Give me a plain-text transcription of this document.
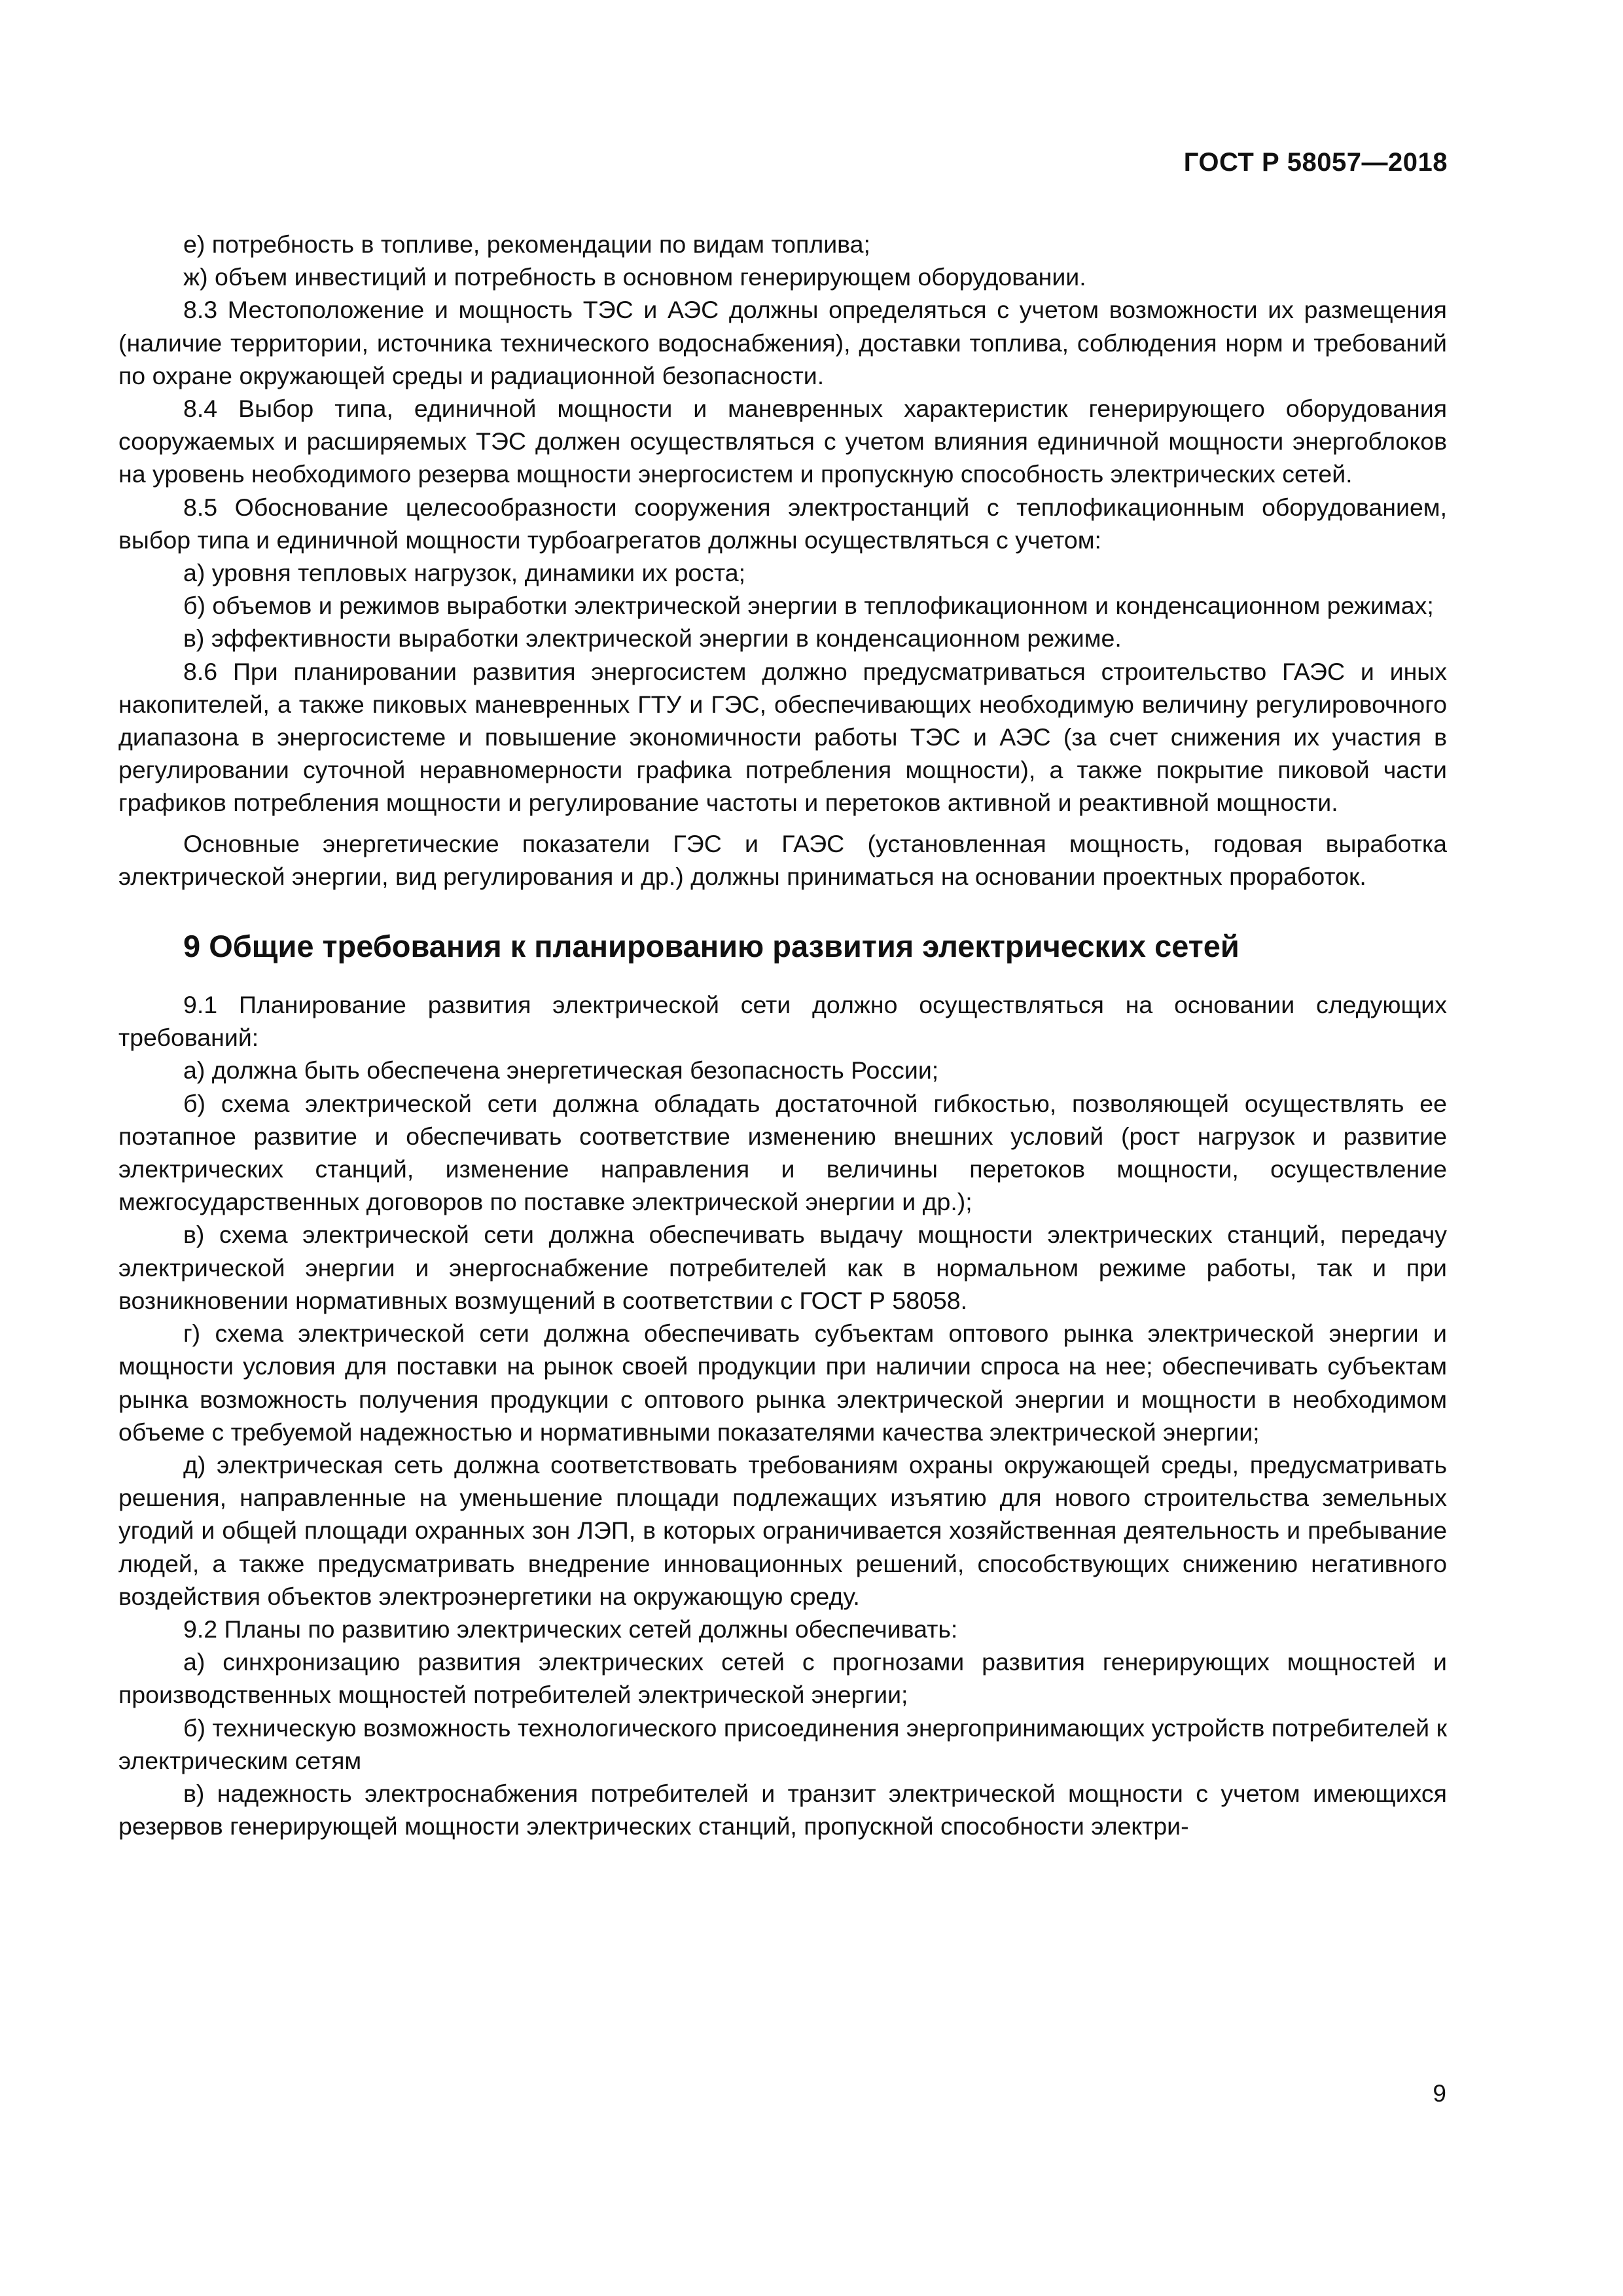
ГОСТ Р 58057—2018

е) потребность в топливе, рекомендации по видам топлива;

ж) объем инвестиций и потребность в основном генерирующем оборудовании.

8.3 Местоположение и мощность ТЭС и АЭС должны определяться с учетом возможности их размещения (наличие территории, источника технического водоснабжения), доставки топлива, соблюдения норм и требований по охране окружающей среды и радиационной безопасности.

8.4 Выбор типа, единичной мощности и маневренных характеристик генерирующего оборудования сооружаемых и расширяемых ТЭС должен осуществляться с учетом влияния единичной мощности энергоблоков на уровень необходимого резерва мощности энергосистем и пропускную способность электрических сетей.

8.5 Обоснование целесообразности сооружения электростанций с теплофикационным оборудованием, выбор типа и единичной мощности турбоагрегатов должны осуществляться с учетом:

а) уровня тепловых нагрузок, динамики их роста;

б) объемов и режимов выработки электрической энергии в теплофикационном и конденсационном режимах;

в) эффективности выработки электрической энергии в конденсационном режиме.

8.6 При планировании развития энергосистем должно предусматриваться строительство ГАЭС и иных накопителей, а также пиковых маневренных ГТУ и ГЭС, обеспечивающих необходимую величину регулировочного диапазона в энергосистеме и повышение экономичности работы ТЭС и АЭС (за счет снижения их участия в регулировании суточной неравномерности графика потребления мощности), а также покрытие пиковой части графиков потребления мощности и регулирование частоты и перетоков активной и реактивной мощности.

Основные энергетические показатели ГЭС и ГАЭС (установленная мощность, годовая выработка электрической энергии, вид регулирования и др.) должны приниматься на основании проектных проработок.

9 Общие требования к планированию развития электрических сетей

9.1 Планирование развития электрической сети должно осуществляться на основании следующих требований:

а) должна быть обеспечена энергетическая безопасность России;

б) схема электрической сети должна обладать достаточной гибкостью, позволяющей осуществлять ее поэтапное развитие и обеспечивать соответствие изменению внешних условий (рост нагрузок и развитие электрических станций, изменение направления и величины перетоков мощности, осуществление межгосударственных договоров по поставке электрической энергии и др.);

в) схема электрической сети должна обеспечивать выдачу мощности электрических станций, передачу электрической энергии и энергоснабжение потребителей как в нормальном режиме работы, так и при возникновении нормативных возмущений в соответствии с ГОСТ Р 58058.

г) схема электрической сети должна обеспечивать субъектам оптового рынка электрической энергии и мощности условия для поставки на рынок своей продукции при наличии спроса на нее; обеспечивать субъектам рынка возможность получения продукции с оптового рынка электрической энергии и мощности в необходимом объеме с требуемой надежностью и нормативными показателями качества электрической энергии;

д) электрическая сеть должна соответствовать требованиям охраны окружающей среды, предусматривать решения, направленные на уменьшение площади подлежащих изъятию для нового строительства земельных угодий и общей площади охранных зон ЛЭП, в которых ограничивается хозяйственная деятельность и пребывание людей, а также предусматривать внедрение инновационных решений, способствующих снижению негативного воздействия объектов электроэнергетики на окружающую среду.

9.2 Планы по развитию электрических сетей должны обеспечивать:

а) синхронизацию развития электрических сетей с прогнозами развития генерирующих мощностей и производственных мощностей потребителей электрической энергии;

б) техническую возможность технологического присоединения энергопринимающих устройств потребителей к электрическим сетям

в) надежность электроснабжения потребителей и транзит электрической мощности с учетом имеющихся резервов генерирующей мощности электрических станций, пропускной способности электри-

9
